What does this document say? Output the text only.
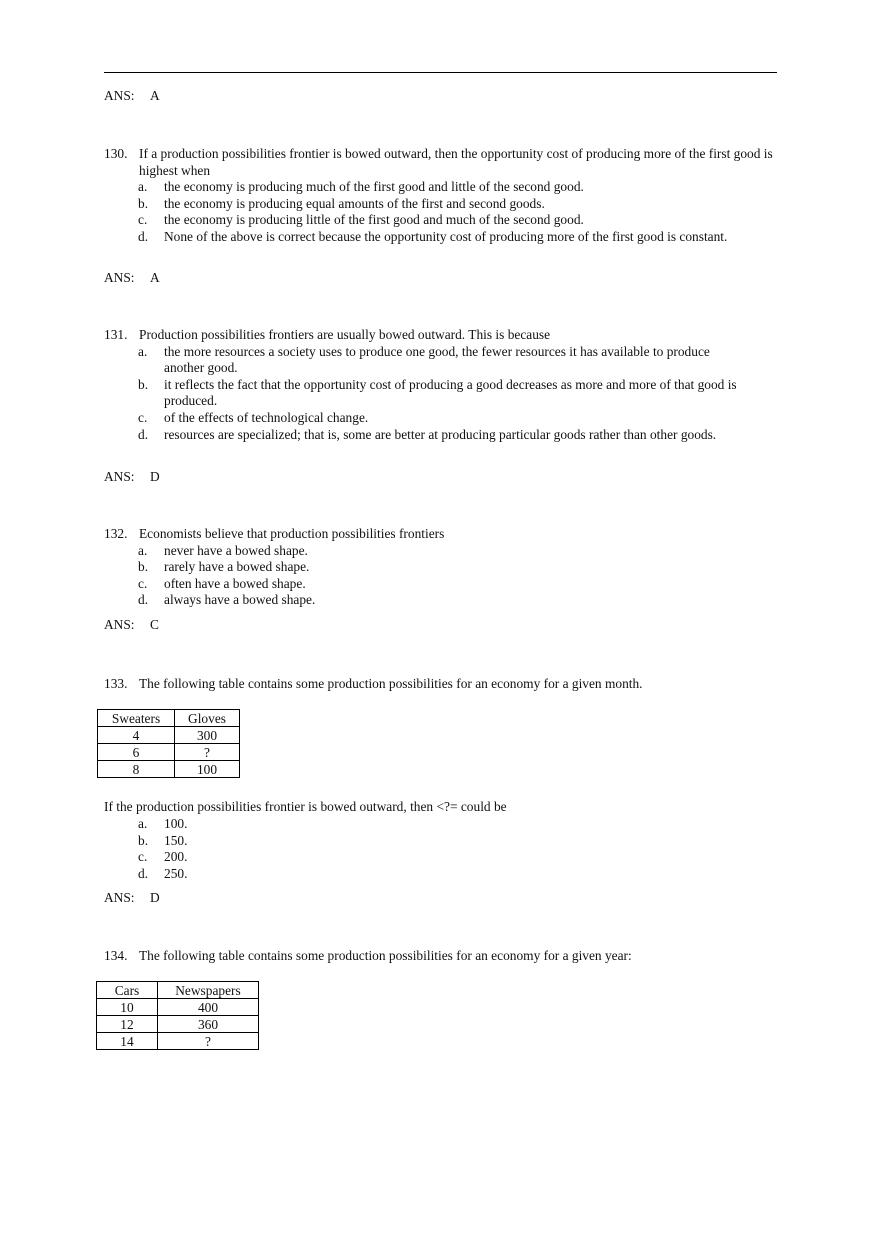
ANS: A
130. If a production possibilities frontier is bowed outward, then the opportunity cost of producing more of the first good is highest when
a.	the economy is producing much of the first good and little of the second good.
b.	the economy is producing equal amounts of the first and second goods.
c.	the economy is producing little of the first good and much of the second good.
d.	None of the above is correct because the opportunity cost of producing more of the first good is constant.
ANS: A
131. Production possibilities frontiers are usually bowed outward. This is because
a.	the more resources a society uses to produce one good, the fewer resources it has available to produce another good.
b.	it reflects the fact that the opportunity cost of producing a good decreases as more and more of that good is produced.
c.	of the effects of technological change.
d.	resources are specialized; that is, some are better at producing particular goods rather than other goods.
ANS: D
132. Economists believe that production possibilities frontiers
a.	never have a bowed shape.
b.	rarely have a bowed shape.
c.	often have a bowed shape.
d.	always have a bowed shape.
ANS: C
133. The following table contains some production possibilities for an economy for a given month.
Sweaters	Gloves
4	300
6	?
8	100
If the production possibilities frontier is bowed outward, then <?= could be
a.	100.
b.	150.
c.	200.
d.	250.
ANS: D
134. The following table contains some production possibilities for an economy for a given year:
Cars	Newspapers
10	400
12	360
14	?
